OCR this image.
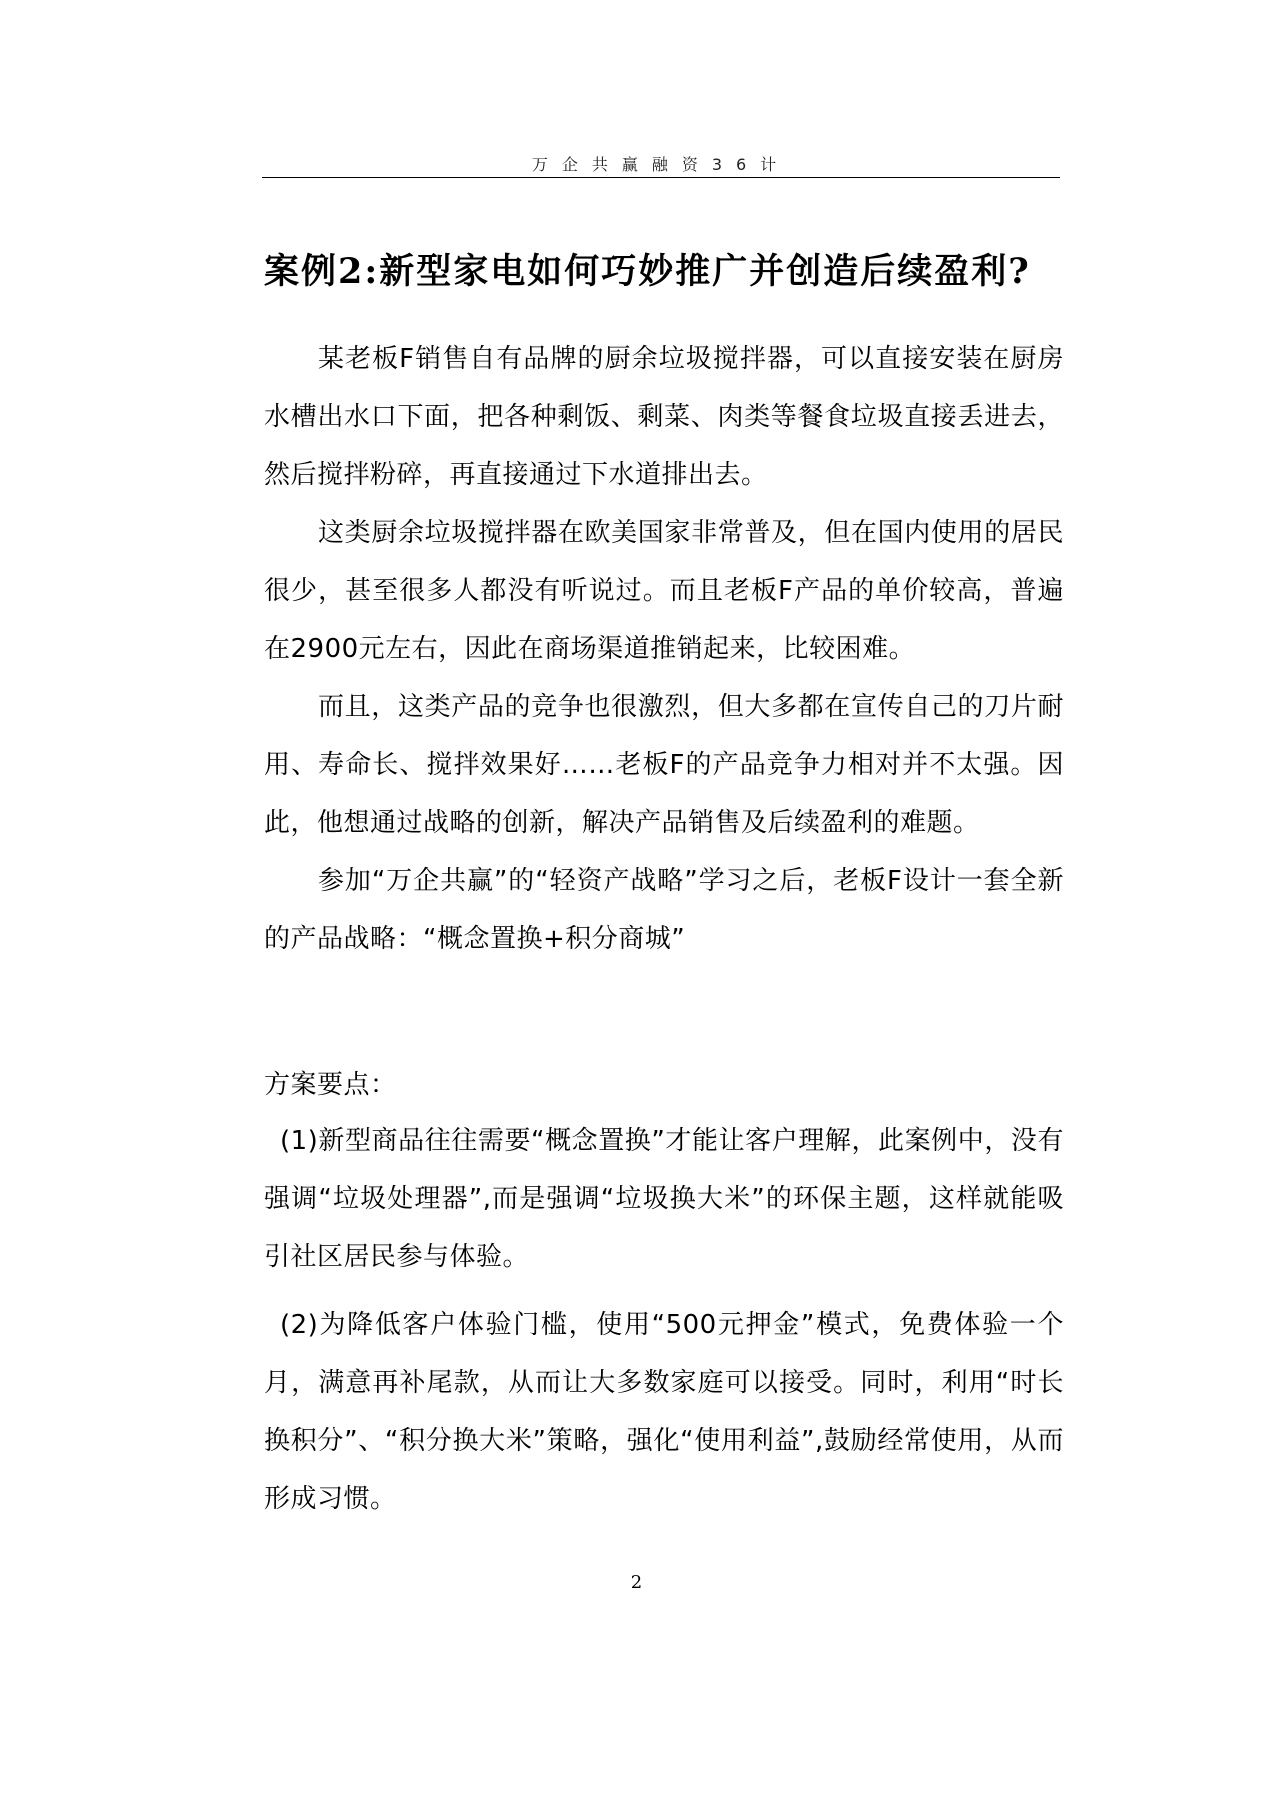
万企共赢融资36计
案例2:新型家电如何巧妙推广并创造后续盈利?

某老板F销售自有品牌的厨余垃圾搅拌器，可以直接安装在厨房水槽出水口下面，把各种剩饭、剩菜、肉类等餐食垃圾直接丢进去，然后搅拌粉碎，再直接通过下水道排出去。

这类厨余垃圾搅拌器在欧美国家非常普及，但在国内使用的居民很少，甚至很多人都没有听说过。而且老板F产品的单价较高，普遍在2900元左右，因此在商场渠道推销起来，比较困难。

而且，这类产品的竞争也很激烈，但大多都在宣传自己的刀片耐用、寿命长、搅拌效果好……老板F的产品竞争力相对并不太强。因此，他想通过战略的创新，解决产品销售及后续盈利的难题。

参加“万企共赢”的“轻资产战略”学习之后，老板F设计一套全新的产品战略：“概念置换+积分商城”

方案要点：

(1)新型商品往往需要“概念置换”才能让客户理解，此案例中，没有强调“垃圾处理器”,而是强调“垃圾换大米”的环保主题，这样就能吸引社区居民参与体验。

(2)为降低客户体验门槛，使用“500元押金”模式，免费体验一个月，满意再补尾款，从而让大多数家庭可以接受。同时，利用“时长换积分”、“积分换大米”策略，强化“使用利益”,鼓励经常使用，从而形成习惯。

2
